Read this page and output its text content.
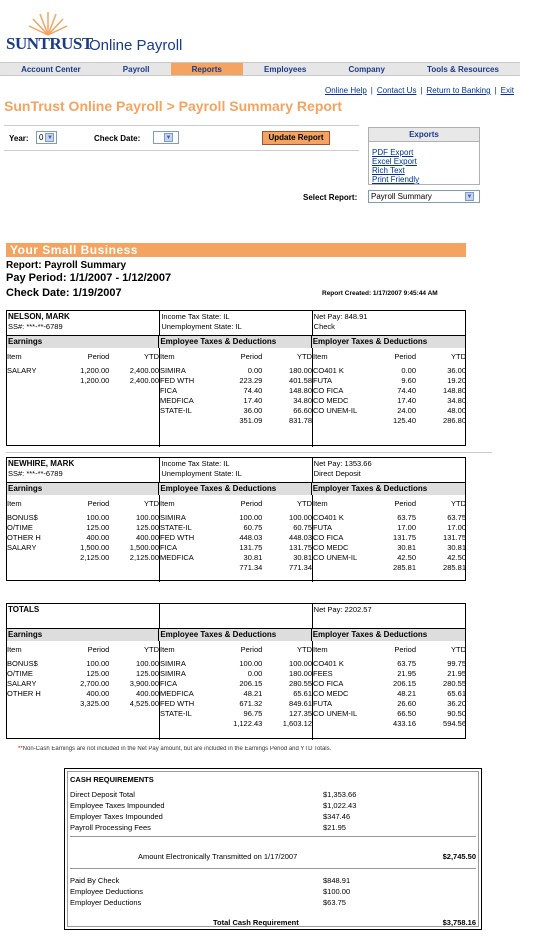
SUNTRUST
Online Payroll
Account Center	Payroll	Reports	Employees	Company	Tools & Resources
Online Help | Contact Us | Return to Banking | Exit
SunTrust Online Payroll > Payroll Summary Report
Year:	0 ▼	Check Date:	▼	Update Report	Exports
PDF Export
Excel Export
Rich Text
Print Friendly
Select Report:	Payroll Summary	▼
Your Small Business
Report: Payroll Summary
Pay Period: 1/1/2007 - 1/12/2007
Check Date: 1/19/2007	Report Created: 1/17/2007 9:45:44 AM
NELSON, MARK
SS#: ***-**-6789
Income Tax State: IL
Unemployment State: IL
Net Pay: 848.91
Check
Earnings	Employee Taxes & Deductions	Employer Taxes & Deductions
Item	Period	YTD
SALARY	1,200.00	2,400.00
1,200.00	2,400.00
Item	Period	YTD
SIMIRA	0.00	180.00
FED WTH	223.29	401.58
FICA	74.40	148.80
MEDFICA	17.40	34.80
STATE-IL	36.00	66.60
351.09	831.78
Item	Period	YTD
CO401 K	0.00	36.00
FUTA	9.60	19.20
CO FICA	74.40	148.80
CO MEDC	17.40	34.80
CO UNEM-IL	24.00	48.00
125.40	286.80
NEWHIRE, MARK
SS#: ***-**-6789
Income Tax State: IL
Unemployment State: IL
Net Pay: 1353.66
Direct Deposit
Earnings	Employee Taxes & Deductions	Employer Taxes & Deductions
Item	Period	YTD
BONUS$	100.00	100.00
O/TIME	125.00	125.00
OTHER H	400.00	400.00
SALARY	1,500.00	1,500.00
2,125.00	2,125.00
Item	Period	YTD
SIMIRA	100.00	100.00
STATE-IL	60.75	60.75
FED WTH	448.03	448.03
FICA	131.75	131.75
MEDFICA	30.81	30.81
771.34	771.34
Item	Period	YTD
CO401 K	63.75	63.75
FUTA	17.00	17.00
CO FICA	131.75	131.75
CO MEDC	30.81	30.81
CO UNEM-IL	42.50	42.50
285.81	285.81
TOTALS	Net Pay: 2202.57
Earnings	Employee Taxes & Deductions	Employer Taxes & Deductions
Item	Period	YTD
BONUS$	100.00	100.00
O/TIME	125.00	125.00
SALARY	2,700.00	3,900.00
OTHER H	400.00	400.00
3,325.00	4,525.00
Item	Period	YTD
SIMIRA	100.00	100.00
SIMIRA	0.00	180.00
FICA	206.15	280.55
MEDFICA	48.21	65.61
FED WTH	671.32	849.61
STATE-IL	96.75	127.35
1,122.43	1,603.12
Item	Period	YTD
CO401 K	63.75	99.75
FEES	21.95	21.95
CO FICA	206.15	280.55
CO MEDC	48.21	65.61
FUTA	26.60	36.20
CO UNEM-IL	66.50	90.50
433.16	594.56
**Non-Cash Earnings are not included in the Net Pay amount, but are included in the Earnings Period and YTD Totals.
CASH REQUIREMENTS
Direct Deposit Total	$1,353.66
Employee Taxes Impounded	$1,022.43
Employer Taxes Impounded	$347.46
Payroll Processing Fees	$21.95
Amount Electronically Transmitted on 1/17/2007	$2,745.50
Paid By Check	$848.91
Employee Deductions	$100.00
Employer Deductions	$63.75
Total Cash Requirement	$3,758.16
